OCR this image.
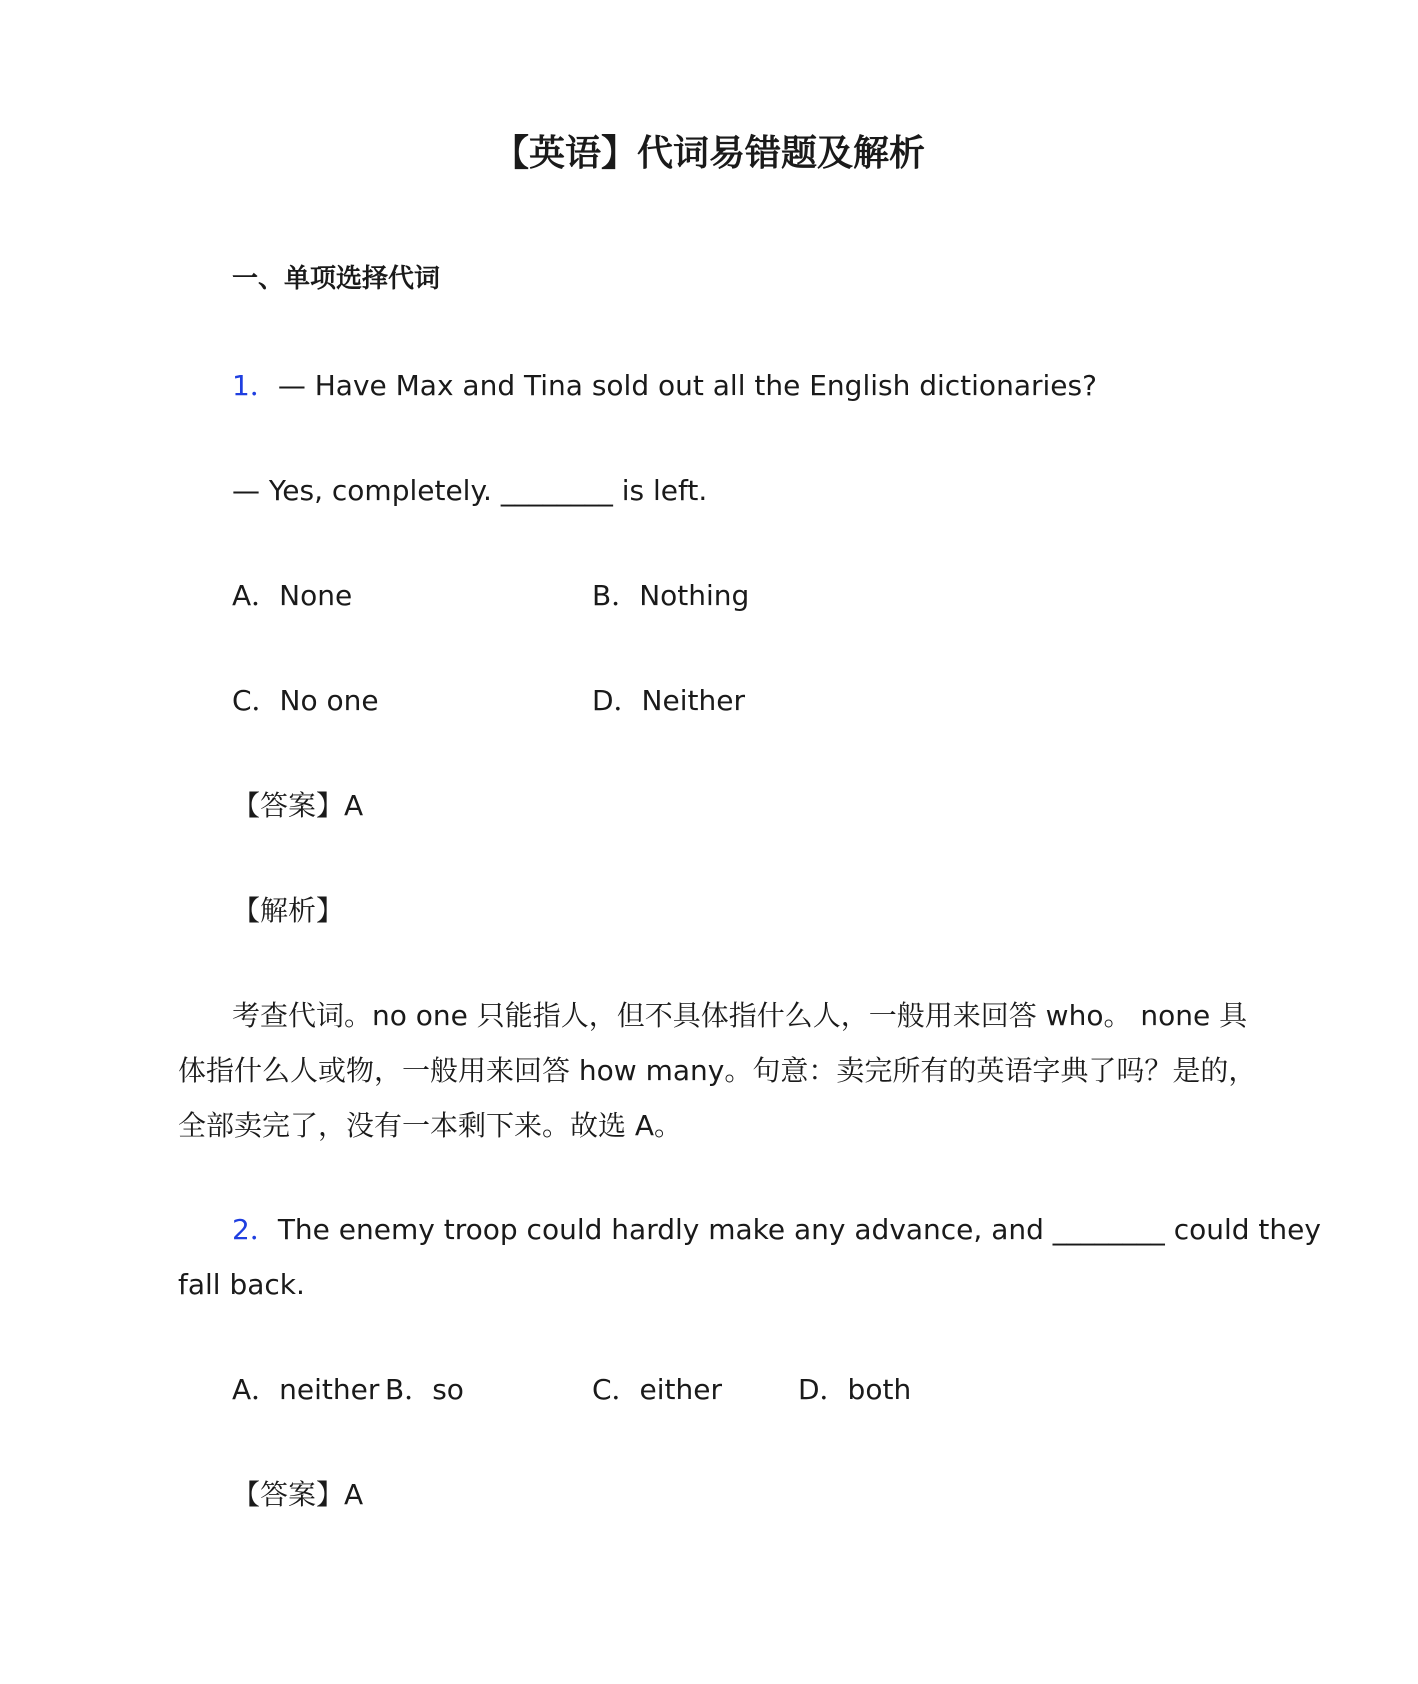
【英语】代词易错题及解析
一、单项选择代词
1．— Have Max and Tina sold out all the English dictionaries?
— Yes, completely. ________ is left.
A．None	B．Nothing
C．No one	D．Neither
【答案】A
【解析】
考查代词。no one 只能指人，但不具体指什么人，一般用来回答 who。 none 具
体指什么人或物，一般用来回答 how many。句意：卖完所有的英语字典了吗？是的，
全部卖完了，没有一本剩下来。故选 A。
2．The enemy troop could hardly make any advance, and ________ could they
fall back.
A．neither B．so	C．either	D．both
【答案】A
